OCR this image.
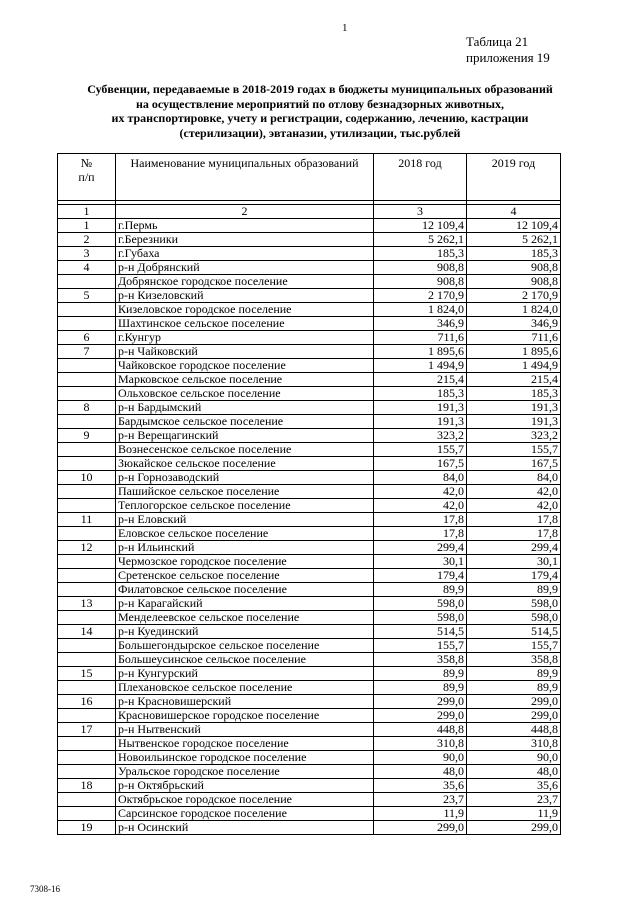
1
Таблица 21
приложения 19
Субвенции, передаваемые в 2018-2019 годах в бюджеты муниципальных образований
на осуществление мероприятий по отлову безнадзорных животных,
их транспортировке, учету и регистрации, содержанию, лечению, кастрации
(стерилизации), эвтаназии, утилизации, тыс.рублей
№
п/п	Наименование муниципальных образований	2018 год	2019 год

1	2	3	4
1	г.Пермь	12 109,4	12 109,4
2	г.Березники	5 262,1	5 262,1
3	г.Губаха	185,3	185,3
4	р-н Добрянский	908,8	908,8
	Добрянское городское поселение	908,8	908,8
5	р-н Кизеловский	2 170,9	2 170,9
	Кизеловское городское поселение	1 824,0	1 824,0
	Шахтинское сельское поселение	346,9	346,9
6	г.Кунгур	711,6	711,6
7	р-н Чайковский	1 895,6	1 895,6
	Чайковское городское поселение	1 494,9	1 494,9
	Марковское сельское поселение	215,4	215,4
	Ольховское сельское поселение	185,3	185,3
8	р-н Бардымский	191,3	191,3
	Бардымское сельское поселение	191,3	191,3
9	р-н Верещагинский	323,2	323,2
	Вознесенское сельское поселение	155,7	155,7
	Зюкайское сельское поселение	167,5	167,5
10	р-н Горнозаводский	84,0	84,0
	Пашийское сельское поселение	42,0	42,0
	Теплогорское сельское поселение	42,0	42,0
11	р-н Еловский	17,8	17,8
	Еловское сельское поселение	17,8	17,8
12	р-н Ильинский	299,4	299,4
	Чермозское городское поселение	30,1	30,1
	Сретенское сельское поселение	179,4	179,4
	Филатовское сельское поселение	89,9	89,9
13	р-н Карагайский	598,0	598,0
	Менделеевское сельское поселение	598,0	598,0
14	р-н Куединский	514,5	514,5
	Большегондырское сельское поселение	155,7	155,7
	Большеусинское сельское поселение	358,8	358,8
15	р-н Кунгурский	89,9	89,9
	Плехановское сельское поселение	89,9	89,9
16	р-н Красновишерский	299,0	299,0
	Красновишерское городское поселение	299,0	299,0
17	р-н Нытвенский	448,8	448,8
	Нытвенское городское поселение	310,8	310,8
	Новоильинское городское поселение	90,0	90,0
	Уральское городское поселение	48,0	48,0
18	р-н Октябрьский	35,6	35,6
	Октябрьское городское поселение	23,7	23,7
	Сарсинское городское поселение	11,9	11,9
19	р-н Осинский	299,0	299,0
7308-16
